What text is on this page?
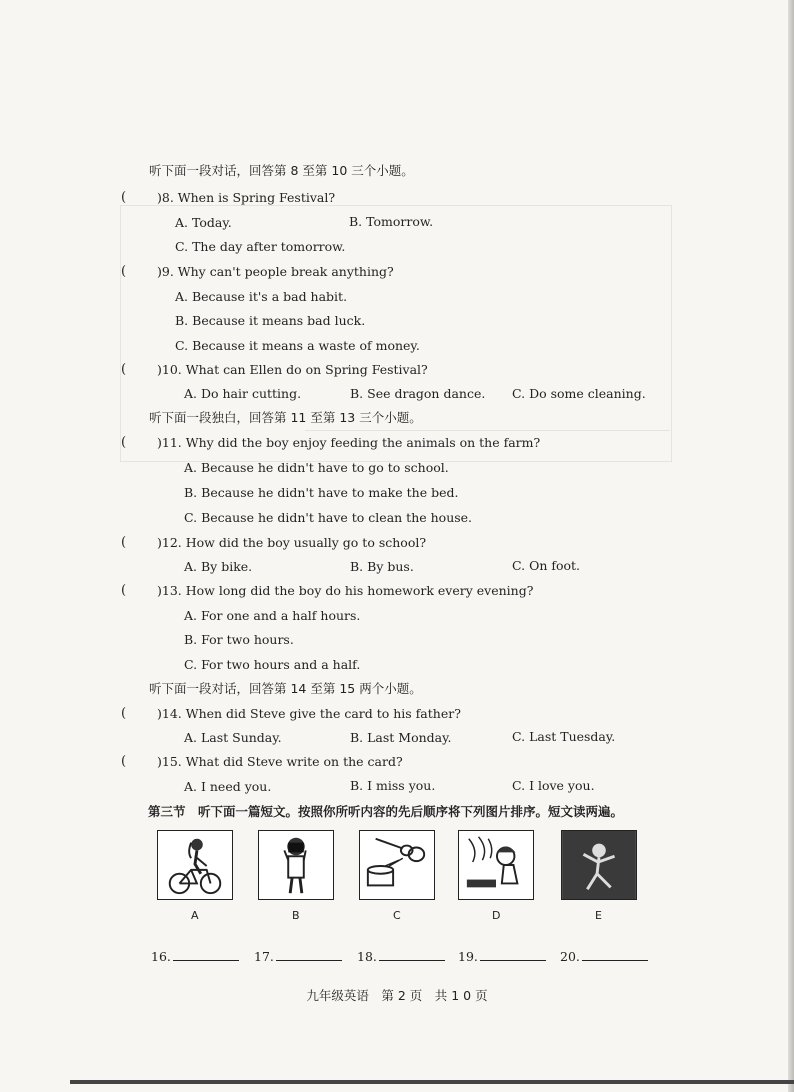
听下面一段对话，回答第 8 至第 10 三个小题。
( )8. When is Spring Festival?
A. Today.	B. Tomorrow.
C. The day after tomorrow.
( )9. Why can't people break anything?
A. Because it's a bad habit.
B. Because it means bad luck.
C. Because it means a waste of money.
( )10. What can Ellen do on Spring Festival?
A. Do hair cutting.	B. See dragon dance. C. Do some cleaning.
听下面一段独白，回答第 11 至第 13 三个小题。
( )11. Why did the boy enjoy feeding the animals on the farm?
A. Because he didn't have to go to school.
B. Because he didn't have to make the bed.
C. Because he didn't have to clean the house.
( )12. How did the boy usually go to school?
A. By bike.	B. By bus.	C. On foot.
( )13. How long did the boy do his homework every evening?
A. For one and a half hours.
B. For two hours.
C. For two hours and a half.
听下面一段对话，回答第 14 至第 15 两个小题。
( )14. When did Steve give the card to his father?
A. Last Sunday.	B. Last Monday.	C. Last Tuesday.
( )15. What did Steve write on the card?
A. I need you.	B. I miss you.	C. I love you.
第三节　听下面一篇短文。按照你所听内容的先后顺序将下列图片排序。短文读两遍。
A	B	C	D	E
16.	17.	18.	19.	20.
九年级英语　第 2 页　共 1 0 页
